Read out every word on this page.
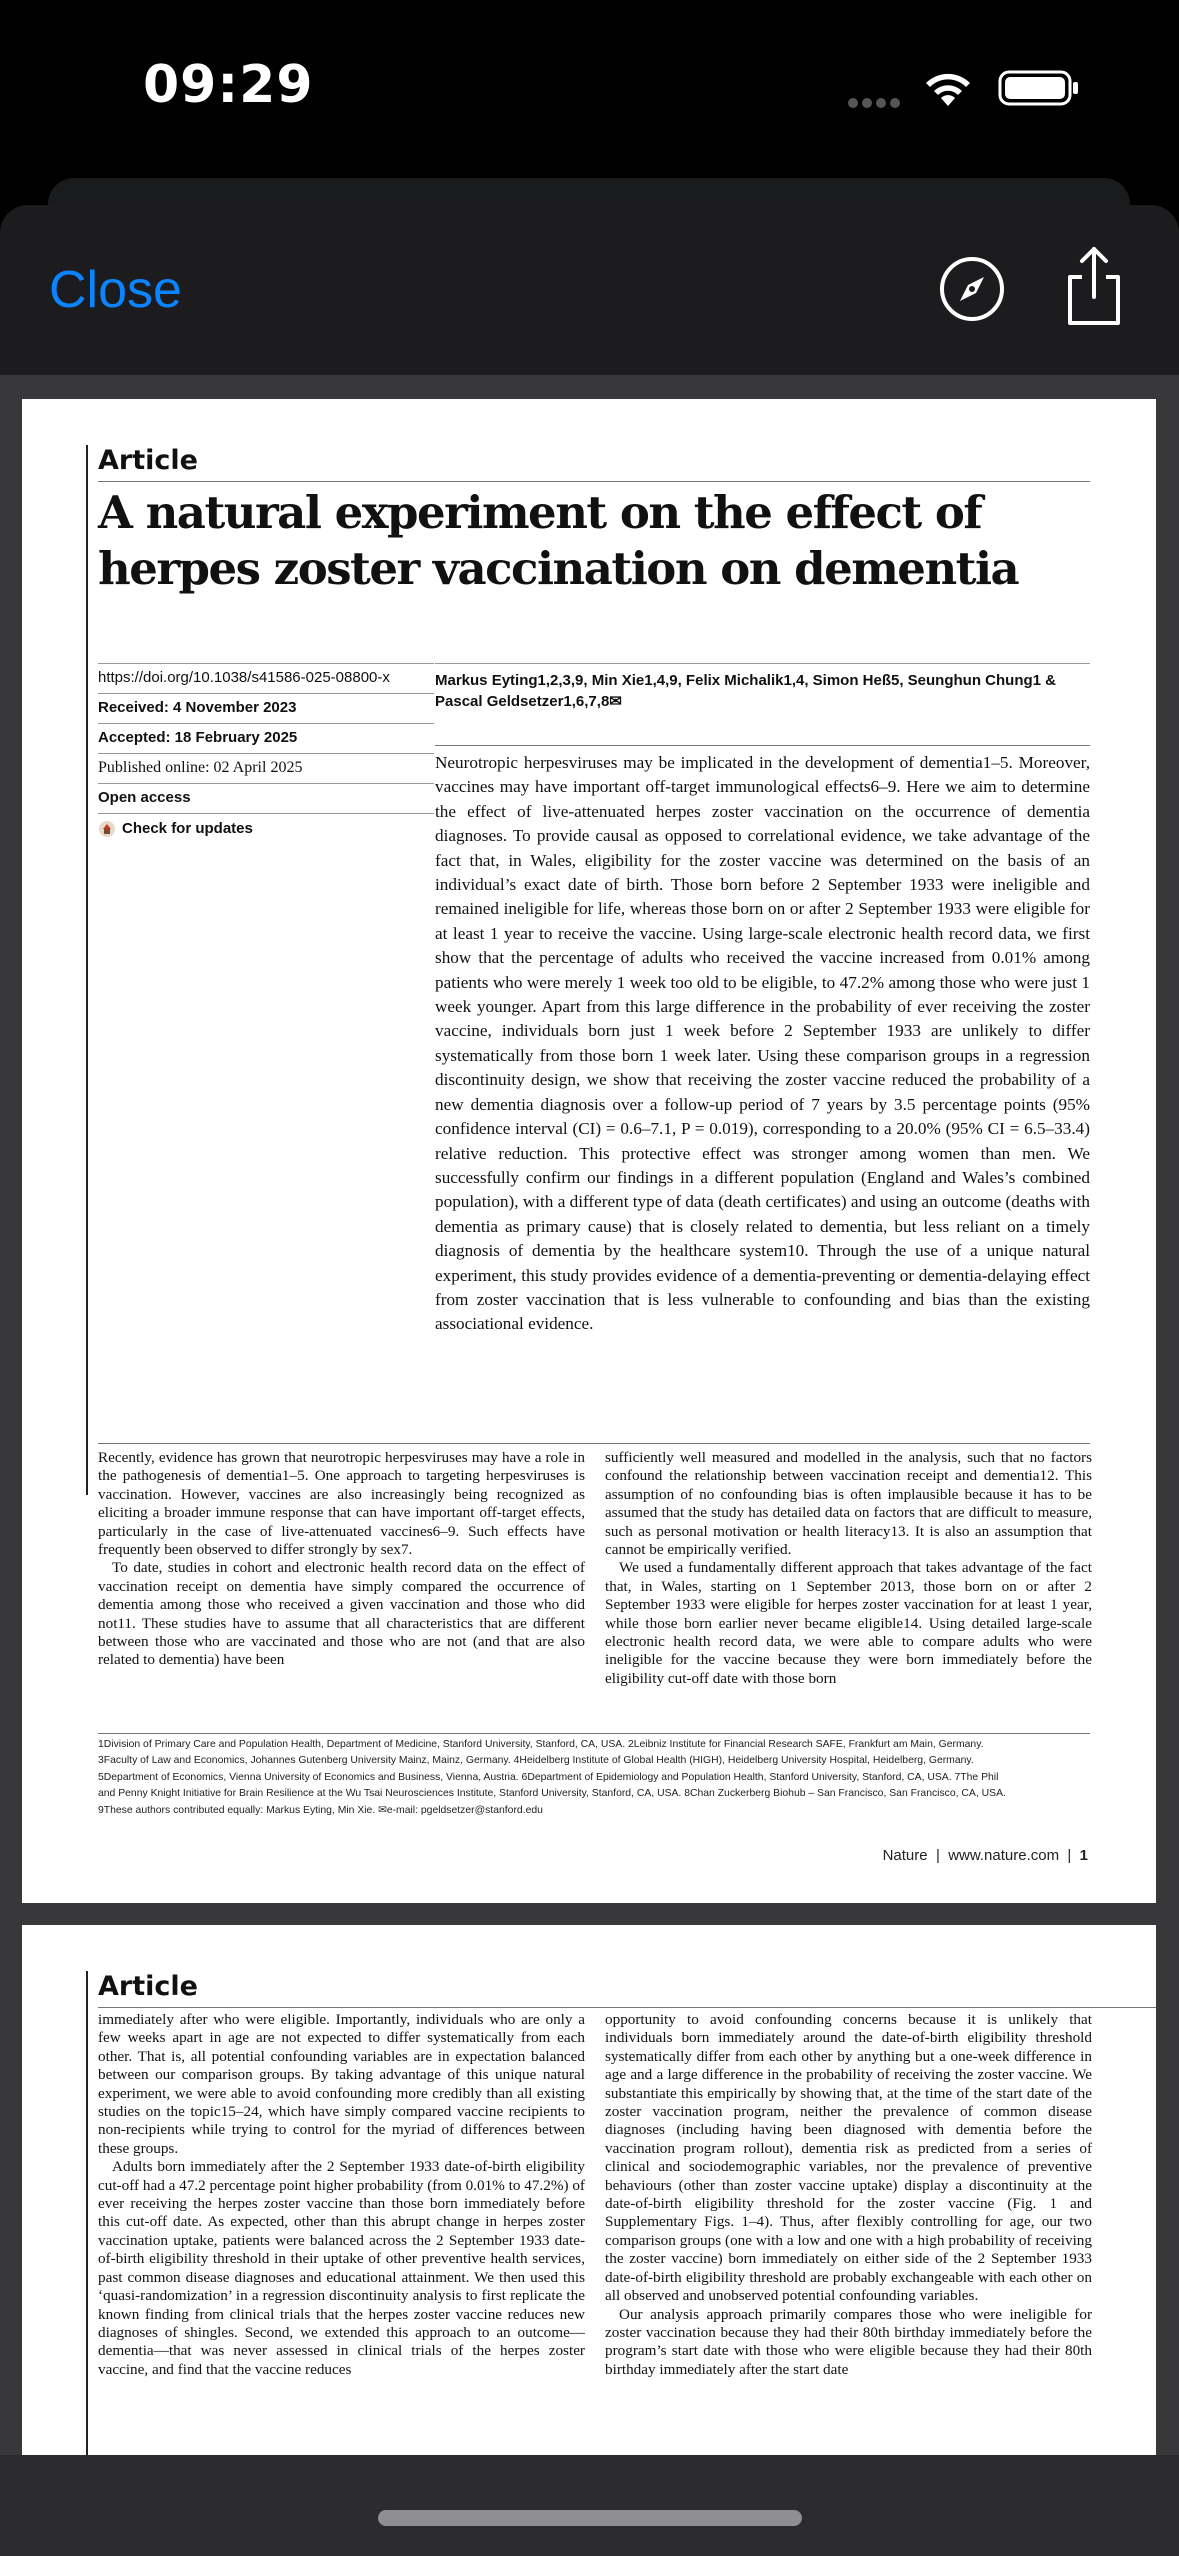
09:29
Close
Article
A natural experiment on the effect of herpes zoster vaccination on dementia
https://doi.org/10.1038/s41586-025-08800-x
Received: 4 November 2023
Accepted: 18 February 2025
Published online: 02 April 2025
Open access
Check for updates
Markus Eyting1,2,3,9, Min Xie1,4,9, Felix Michalik1,4, Simon Heß5, Seunghun Chung1 & Pascal Geldsetzer1,6,7,8✉
Neurotropic herpesviruses may be implicated in the development of dementia1–5. Moreover, vaccines may have important off-target immunological effects6–9. Here we aim to determine the effect of live-attenuated herpes zoster vaccination on the occurrence of dementia diagnoses. To provide causal as opposed to correlational evidence, we take advantage of the fact that, in Wales, eligibility for the zoster vaccine was determined on the basis of an individual’s exact date of birth. Those born before 2 September 1933 were ineligible and remained ineligible for life, whereas those born on or after 2 September 1933 were eligible for at least 1 year to receive the vaccine. Using large-scale electronic health record data, we first show that the percentage of adults who received the vaccine increased from 0.01% among patients who were merely 1 week too old to be eligible, to 47.2% among those who were just 1 week younger. Apart from this large difference in the probability of ever receiving the zoster vaccine, individuals born just 1 week before 2 September 1933 are unlikely to differ systematically from those born 1 week later. Using these comparison groups in a regression discontinuity design, we show that receiving the zoster vaccine reduced the probability of a new dementia diagnosis over a follow-up period of 7 years by 3.5 percentage points (95% confidence interval (CI) = 0.6–7.1, P = 0.019), corresponding to a 20.0% (95% CI = 6.5–33.4) relative reduction. This protective effect was stronger among women than men. We successfully confirm our findings in a different population (England and Wales’s combined population), with a different type of data (death certificates) and using an outcome (deaths with dementia as primary cause) that is closely related to dementia, but less reliant on a timely diagnosis of dementia by the healthcare system10. Through the use of a unique natural experiment, this study provides evidence of a dementia-preventing or dementia-delaying effect from zoster vaccination that is less vulnerable to confounding and bias than the existing associational evidence.

Recently, evidence has grown that neurotropic herpesviruses may have a role in the pathogenesis of dementia1–5. One approach to targeting herpesviruses is vaccination. However, vaccines are also increasingly being recognized as eliciting a broader immune response that can have important off-target effects, particularly in the case of live-attenuated vaccines6–9. Such effects have frequently been observed to differ strongly by sex7.

To date, studies in cohort and electronic health record data on the effect of vaccination receipt on dementia have simply compared the occurrence of dementia among those who received a given vaccination and those who did not11. These studies have to assume that all characteristics that are different between those who are vaccinated and those who are not (and that are also related to dementia) have been

sufficiently well measured and modelled in the analysis, such that no factors confound the relationship between vaccination receipt and dementia12. This assumption of no confounding bias is often implausible because it has to be assumed that the study has detailed data on factors that are difficult to measure, such as personal motivation or health literacy13. It is also an assumption that cannot be empirically verified.

We used a fundamentally different approach that takes advantage of the fact that, in Wales, starting on 1 September 2013, those born on or after 2 September 1933 were eligible for herpes zoster vaccination for at least 1 year, while those born earlier never became eligible14. Using detailed large-scale electronic health record data, we were able to compare adults who were ineligible for the vaccine because they were born immediately before the eligibility cut-off date with those born

1Division of Primary Care and Population Health, Department of Medicine, Stanford University, Stanford, CA, USA. 2Leibniz Institute for Financial Research SAFE, Frankfurt am Main, Germany.
3Faculty of Law and Economics, Johannes Gutenberg University Mainz, Mainz, Germany. 4Heidelberg Institute of Global Health (HIGH), Heidelberg University Hospital, Heidelberg, Germany.
5Department of Economics, Vienna University of Economics and Business, Vienna, Austria. 6Department of Epidemiology and Population Health, Stanford University, Stanford, CA, USA. 7The Phil
and Penny Knight Initiative for Brain Resilience at the Wu Tsai Neurosciences Institute, Stanford University, Stanford, CA, USA. 8Chan Zuckerberg Biohub – San Francisco, San Francisco, CA, USA.
9These authors contributed equally: Markus Eyting, Min Xie. ✉e-mail: pgeldsetzer@stanford.edu
Nature  |  www.nature.com  |  1
Article

immediately after who were eligible. Importantly, individuals who are only a few weeks apart in age are not expected to differ systematically from each other. That is, all potential confounding variables are in expectation balanced between our comparison groups. By taking advantage of this unique natural experiment, we were able to avoid confounding more credibly than all existing studies on the topic15–24, which have simply compared vaccine recipients to non-recipients while trying to control for the myriad of differences between these groups.

Adults born immediately after the 2 September 1933 date-of-birth eligibility cut-off had a 47.2 percentage point higher probability (from 0.01% to 47.2%) of ever receiving the herpes zoster vaccine than those born immediately before this cut-off date. As expected, other than this abrupt change in herpes zoster vaccination uptake, patients were balanced across the 2 September 1933 date-of-birth eligibility threshold in their uptake of other preventive health services, past common disease diagnoses and educational attainment. We then used this ‘quasi-randomization’ in a regression discontinuity analysis to first replicate the known finding from clinical trials that the herpes zoster vaccine reduces new diagnoses of shingles. Second, we extended this approach to an outcome—dementia—that was never assessed in clinical trials of the herpes zoster vaccine, and find that the vaccine reduces

opportunity to avoid confounding concerns because it is unlikely that individuals born immediately around the date-of-birth eligibility threshold systematically differ from each other by anything but a one-week difference in age and a large difference in the probability of receiving the zoster vaccine. We substantiate this empirically by showing that, at the time of the start date of the zoster vaccination program, neither the prevalence of common disease diagnoses (including having been diagnosed with dementia before the vaccination program rollout), dementia risk as predicted from a series of clinical and sociodemographic variables, nor the prevalence of preventive behaviours (other than zoster vaccine uptake) display a discontinuity at the date-of-birth eligibility threshold for the zoster vaccine (Fig. 1 and Supplementary Figs. 1–4). Thus, after flexibly controlling for age, our two comparison groups (one with a low and one with a high probability of receiving the zoster vaccine) born immediately on either side of the 2 September 1933 date-of-birth eligibility threshold are probably exchangeable with each other on all observed and unobserved potential confounding variables.

Our analysis approach primarily compares those who were ineligible for zoster vaccination because they had their 80th birthday immediately before the program’s start date with those who were eligible because they had their 80th birthday immediately after the start date
